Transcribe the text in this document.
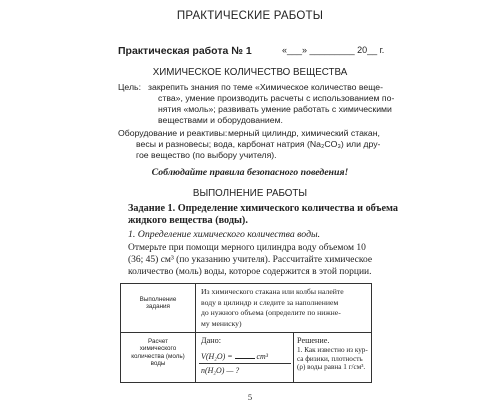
ПРАКТИЧЕСКИЕ РАБОТЫ
Практическая работа № 1	«___» _________ 20__ г.
ХИМИЧЕСКОЕ КОЛИЧЕСТВО ВЕЩЕСТВА
Цель: закрепить знания по теме «Химическое количество веще-
ства», умение производить расчеты с использованием по-
нятия «моль»; развивать умение работать с химическими
веществами и оборудованием.
Оборудование и реактивы: мерный цилиндр, химический стакан,
весы и разновесы; вода, карбонат натрия (Na₂CO₃) или дру-
гое вещество (по выбору учителя).
Соблюдайте правила безопасного поведения!
ВЫПОЛНЕНИЕ РАБОТЫ
Задание 1. Определение химического количества и объема
жидкого вещества (воды).
1. Определение химического количества воды.
Отмерьте при помощи мерного цилиндра воду объемом 10
(36; 45) см³ (по указанию учителя). Рассчитайте химическое
количество (моль) воды, которое содержится в этой порции.
Выполнение
задания
Из химического стакана или колбы налейте
воду в цилиндр и следите за наполнением
до нужного объема (определите по нижне-
му мениску)
Расчет
химического
количества (моль)
воды
Дано:
V(H₂O) =	cm³
n(H₂O) — ?
Решение.
1. Как известно из кур-
са физики, плотность
(ρ) воды равна 1 г/см³.
5
